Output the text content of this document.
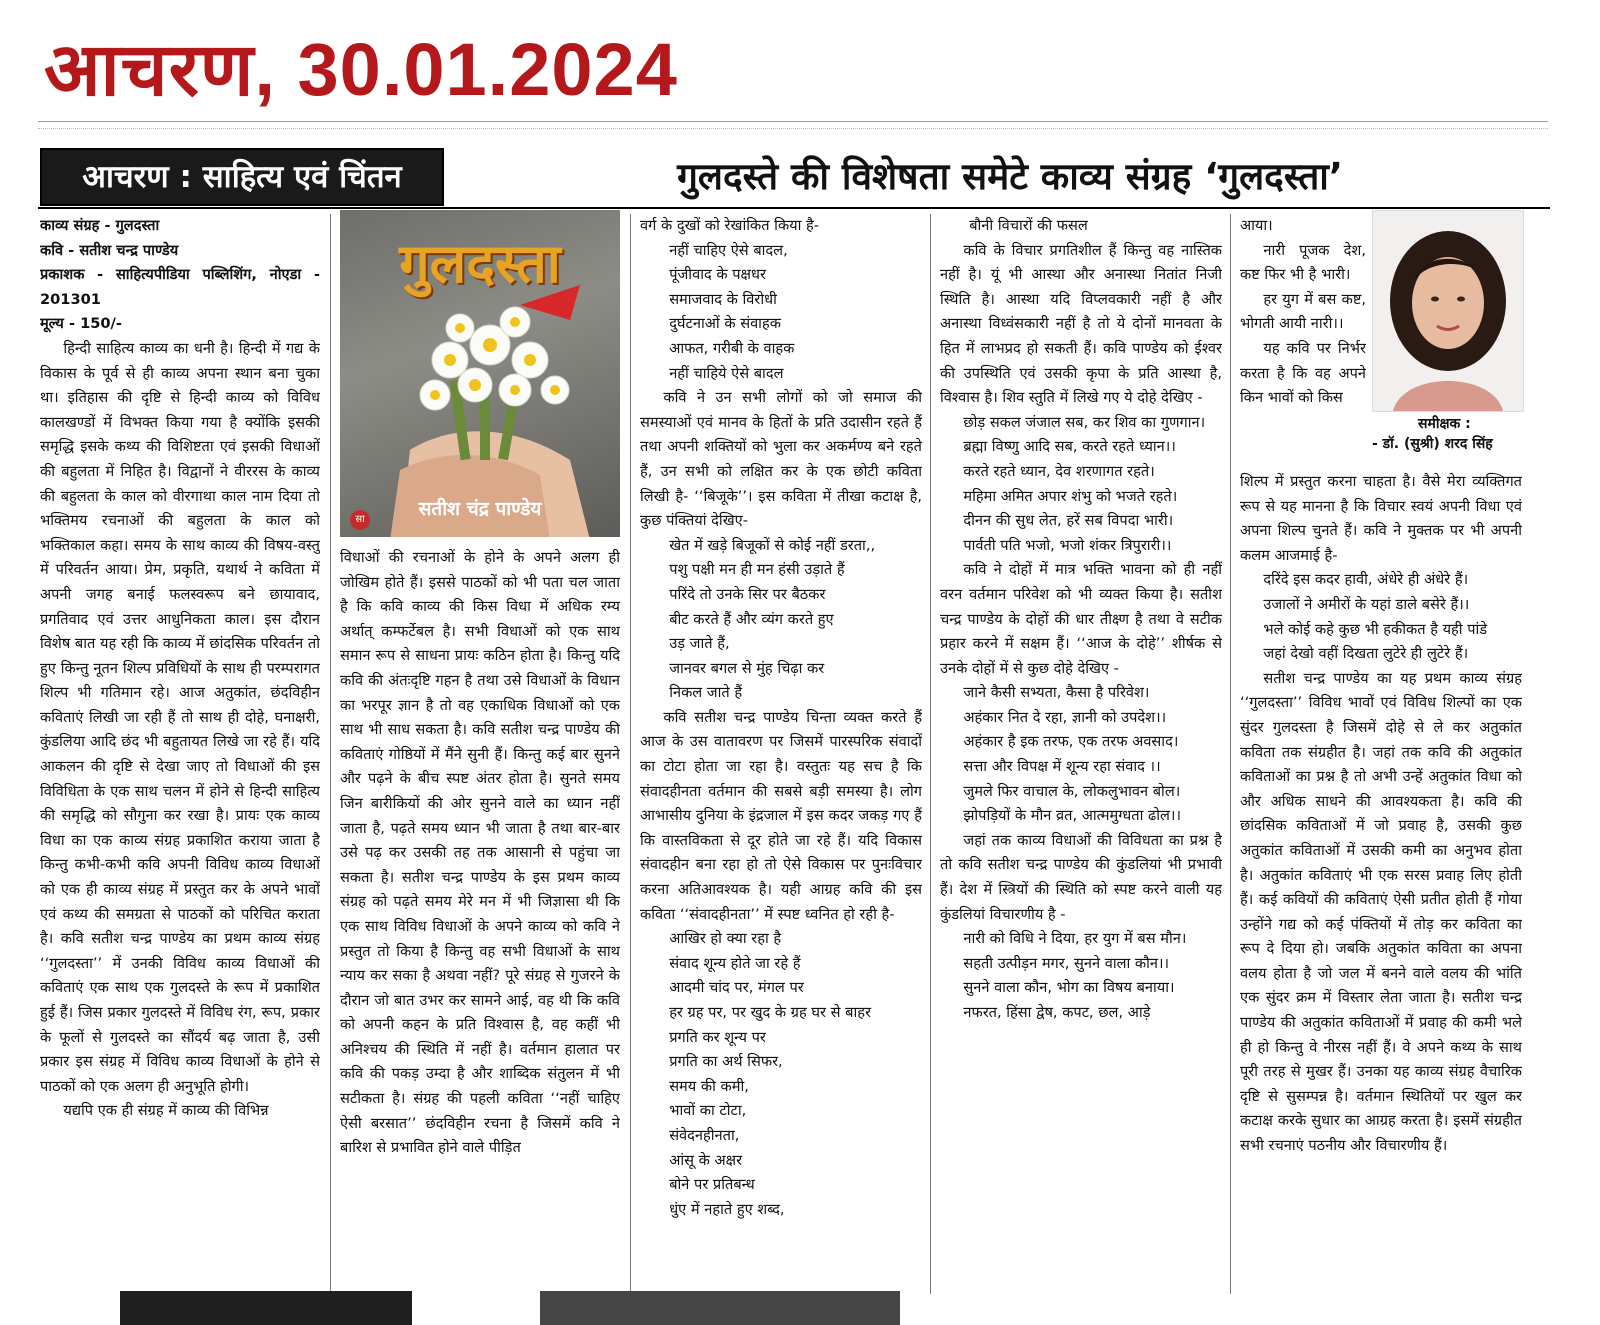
आचरण, 30.01.2024
आचरण : साहित्य एवं चिंतन	गुलदस्ते की विशेषता समेटे काव्य संग्रह ‘गुलदस्ता’

काव्य संग्रह - गुलदस्ता

कवि - सतीश चन्द्र पाण्डेय

प्रकाशक - साहित्यपीडिया पब्लिशिंग, नोएडा - 201301

मूल्य - 150/-

हिन्दी साहित्य काव्य का धनी है। हिन्दी में गद्य के विकास के पूर्व से ही काव्य अपना स्थान बना चुका था। इतिहास की दृष्टि से हिन्दी काव्य को विविध कालखण्डों में विभक्त किया गया है क्योंकि इसकी समृद्धि इसके कथ्य की विशिष्टता एवं इसकी विधाओं की बहुलता में निहित है। विद्वानों ने वीररस के काव्य की बहुलता के काल को वीरगाथा काल नाम दिया तो भक्तिमय रचनाओं की बहुलता के काल को भक्तिकाल कहा। समय के साथ काव्य की विषय-वस्तु में परिवर्तन आया। प्रेम, प्रकृति, यथार्थ ने कविता में अपनी जगह बनाई फलस्वरूप बने छायावाद, प्रगतिवाद एवं उत्तर आधुनिकता काल। इस दौरान विशेष बात यह रही कि काव्य में छांदसिक परिवर्तन तो हुए किन्तु नूतन शिल्प प्रविधियों के साथ ही परम्परागत शिल्प भी गतिमान रहे। आज अतुकांत, छंदविहीन कविताएं लिखी जा रही हैं तो साथ ही दोहे, घनाक्षरी, कुंडलिया आदि छंद भी बहुतायत लिखे जा रहे हैं। यदि आकलन की दृष्टि से देखा जाए तो विधाओं की इस विविधिता के एक साथ चलन में होने से हिन्दी साहित्य की समृद्धि को सौगुना कर रखा है। प्रायः एक काव्य विधा का एक काव्य संग्रह प्रकाशित कराया जाता है किन्तु कभी-कभी कवि अपनी विविध काव्य विधाओं को एक ही काव्य संग्रह में प्रस्तुत कर के अपने भावों एवं कथ्य की समग्रता से पाठकों को परिचित कराता है। कवि सतीश चन्द्र पाण्डेय का प्रथम काव्य संग्रह ‘‘गुलदस्ता’’ में उनकी विविध काव्य विधाओं की कविताएं एक साथ एक गुलदस्ते के रूप में प्रकाशित हुई हैं। जिस प्रकार गुलदस्ते में विविध रंग, रूप, प्रकार के फूलों से गुलदस्ते का सौंदर्य बढ़ जाता है, उसी प्रकार इस संग्रह में विविध काव्य विधाओं के होने से पाठकों को एक अलग ही अनुभूति होगी।

यद्यपि एक ही संग्रह में काव्य की विभिन्न

गुलदस्ता
सतीश चंद्र पाण्डेय
सा

विधाओं की रचनाओं के होने के अपने अलग ही जोखिम होते हैं। इससे पाठकों को भी पता चल जाता है कि कवि काव्य की किस विधा में अधिक रम्य अर्थात् कम्फर्टेबल है। सभी विधाओं को एक साथ समान रूप से साधना प्रायः कठिन होता है। किन्तु यदि कवि की अंतःदृष्टि गहन है तथा उसे विधाओं के विधान का भरपूर ज्ञान है तो वह एकाधिक विधाओं को एक साथ भी साध सकता है। कवि सतीश चन्द्र पाण्डेय की कविताएं गोष्ठियों में मैंने सुनी हैं। किन्तु कई बार सुनने और पढ़ने के बीच स्पष्ट अंतर होता है। सुनते समय जिन बारीकियों की ओर सुनने वाले का ध्यान नहीं जाता है, पढ़ते समय ध्यान भी जाता है तथा बार-बार उसे पढ़ कर उसकी तह तक आसानी से पहुंचा जा सकता है। सतीश चन्द्र पाण्डेय के इस प्रथम काव्य संग्रह को पढ़ते समय मेरे मन में भी जिज्ञासा थी कि एक साथ विविध विधाओं के अपने काव्य को कवि ने प्रस्तुत तो किया है किन्तु वह सभी विधाओं के साथ न्याय कर सका है अथवा नहीं? पूरे संग्रह से गुजरने के दौरान जो बात उभर कर सामने आई, वह थी कि कवि को अपनी कहन के प्रति विश्वास है, वह कहीं भी अनिश्चय की स्थिति में नहीं है। वर्तमान हालात पर कवि की पकड़ उम्दा है और शाब्दिक संतुलन में भी सटीकता है। संग्रह की पहली कविता ‘‘नहीं चाहिए ऐसी बरसात’’ छंदविहीन रचना है जिसमें कवि ने बारिश से प्रभावित होने वाले पीड़ित

वर्ग के दुखों को रेखांकित किया है-

नहीं चाहिए ऐसे बादल,

पूंजीवाद के पक्षधर

समाजवाद के विरोधी

दुर्घटनाओं के संवाहक

आफत, गरीबी के वाहक

नहीं चाहिये ऐसे बादल

कवि ने उन सभी लोगों को जो समाज की समस्याओं एवं मानव के हितों के प्रति उदासीन रहते हैं तथा अपनी शक्तियों को भुला कर अकर्मण्य बने रहते हैं, उन सभी को लक्षित कर के एक छोटी कविता लिखी है- ‘‘बिजूके’’। इस कविता में तीखा कटाक्ष है, कुछ पंक्तियां देखिए-

खेत में खड़े बिजूकों से कोई नहीं डरता,,

पशु पक्षी मन ही मन हंसी उड़ाते हैं

परिंदे तो उनके सिर पर बैठकर

बीट करते हैं और व्यंग करते हुए

उड़ जाते हैं,

जानवर बगल से मुंह चिढ़ा कर

निकल जाते हैं

कवि सतीश चन्द्र पाण्डेय चिन्ता व्यक्त करते हैं आज के उस वातावरण पर जिसमें पारस्परिक संवादों का टोटा होता जा रहा है। वस्तुतः यह सच है कि संवादहीनता वर्तमान की सबसे बड़ी समस्या है। लोग आभासीय दुनिया के इंद्रजाल में इस कदर जकड़ गए हैं कि वास्तविकता से दूर होते जा रहे हैं। यदि विकास संवादहीन बना रहा हो तो ऐसे विकास पर पुनःविचार करना अतिआवश्यक है। यही आग्रह कवि की इस कविता ‘‘संवादहीनता’’ में स्पष्ट ध्वनित हो रही है-

आखिर हो क्या रहा है

संवाद शून्य होते जा रहे हैं

आदमी चांद पर, मंगल पर

हर ग्रह पर, पर खुद के ग्रह घर से बाहर

प्रगति कर शून्य पर

प्रगति का अर्थ सिफर,

समय की कमी,

भावों का टोटा,

संवेदनहीनता,

आंसू के अक्षर

बोने पर प्रतिबन्ध

धुंए में नहाते हुए शब्द,

बौनी विचारों की फसल

कवि के विचार प्रगतिशील हैं किन्तु वह नास्तिक नहीं है। यूं भी आस्था और अनास्था नितांत निजी स्थिति है। आस्था यदि विप्लवकारी नहीं है और अनास्था विध्वंसकारी नहीं है तो ये दोनों मानवता के हित में लाभप्रद हो सकती हैं। कवि पाण्डेय को ईश्वर की उपस्थिति एवं उसकी कृपा के प्रति आस्था है, विश्वास है। शिव स्तुति में लिखे गए ये दोहे देखिए -

छोड़ सकल जंजाल सब, कर शिव का गुणगान।

ब्रह्मा विष्णु आदि सब, करते रहते ध्यान।।

करते रहते ध्यान, देव शरणागत रहते।

महिमा अमित अपार शंभु को भजते रहते।

दीनन की सुध लेत, हरें सब विपदा भारी।

पार्वती पति भजो, भजो शंकर त्रिपुरारी।।

कवि ने दोहों में मात्र भक्ति भावना को ही नहीं वरन वर्तमान परिवेश को भी व्यक्त किया है। सतीश चन्द्र पाण्डेय के दोहों की धार तीक्ष्ण है तथा वे सटीक प्रहार करने में सक्षम हैं। ‘‘आज के दोहे’’ शीर्षक से उनके दोहों में से कुछ दोहे देखिए -

जाने कैसी सभ्यता, कैसा है परिवेश।

अहंकार नित दे रहा, ज्ञानी को उपदेश।।

अहंकार है इक तरफ, एक तरफ अवसाद।

सत्ता और विपक्ष में शून्य रहा संवाद ।।

जुमले फिर वाचाल के, लोकलुभावन बोल।

झोपड़ियों के मौन व्रत, आत्ममुग्धता ढोल।।

जहां तक काव्य विधाओं की विविधता का प्रश्न है तो कवि सतीश चन्द्र पाण्डेय की कुंडलियां भी प्रभावी हैं। देश में स्त्रियों की स्थिति को स्पष्ट करने वाली यह कुंडलियां विचारणीय है -

नारी को विधि ने दिया, हर युग में बस मौन।

सहती उत्पीड़न मगर, सुनने वाला कौन।।

सुनने वाला कौन, भोग का विषय बनाया।

नफरत, हिंसा द्वेष, कपट, छल, आड़े

आया।

नारी पूजक देश, कष्ट फिर भी है भारी।

हर युग में बस कष्ट, भोगती आयी नारी।।

यह कवि पर निर्भर करता है कि वह अपने किन भावों को किस

समीक्षक :
- डॉ. (सुश्री) शरद सिंह

शिल्प में प्रस्तुत करना चाहता है। वैसे मेरा व्यक्तिगत रूप से यह मानना है कि विचार स्वयं अपनी विधा एवं अपना शिल्प चुनते हैं। कवि ने मुक्तक पर भी अपनी कलम आजमाई है-

दरिंदे इस कदर हावी, अंधेरे ही अंधेरे हैं।

उजालों ने अमीरों के यहां डाले बसेरे हैं।।

भले कोई कहे कुछ भी हकीकत है यही पांडे

जहां देखो वहीं दिखता लुटेरे ही लुटेरे हैं।

सतीश चन्द्र पाण्डेय का यह प्रथम काव्य संग्रह ‘‘गुलदस्ता’’ विविध भावों एवं विविध शिल्पों का एक सुंदर गुलदस्ता है जिसमें दोहे से ले कर अतुकांत कविता तक संग्रहीत है। जहां तक कवि की अतुकांत कविताओं का प्रश्न है तो अभी उन्हें अतुकांत विधा को और अधिक साधने की आवश्यकता है। कवि की छांदसिक कविताओं में जो प्रवाह है, उसकी कुछ अतुकांत कविताओं में उसकी कमी का अनुभव होता है। अतुकांत कविताएं भी एक सरस प्रवाह लिए होती हैं। कई कवियों की कविताएं ऐसी प्रतीत होती हैं गोया उन्होंने गद्य को कई पंक्तियों में तोड़ कर कविता का रूप दे दिया हो। जबकि अतुकांत कविता का अपना वलय होता है जो जल में बनने वाले वलय की भांति एक सुंदर क्रम में विस्तार लेता जाता है। सतीश चन्द्र पाण्डेय की अतुकांत कविताओं में प्रवाह की कमी भले ही हो किन्तु वे नीरस नहीं हैं। वे अपने कथ्य के साथ पूरी तरह से मुखर हैं। उनका यह काव्य संग्रह वैचारिक दृष्टि से सुसम्पन्न है। वर्तमान स्थितियों पर खुल कर कटाक्ष करके सुधार का आग्रह करता है। इसमें संग्रहीत सभी रचनाएं पठनीय और विचारणीय हैं।
